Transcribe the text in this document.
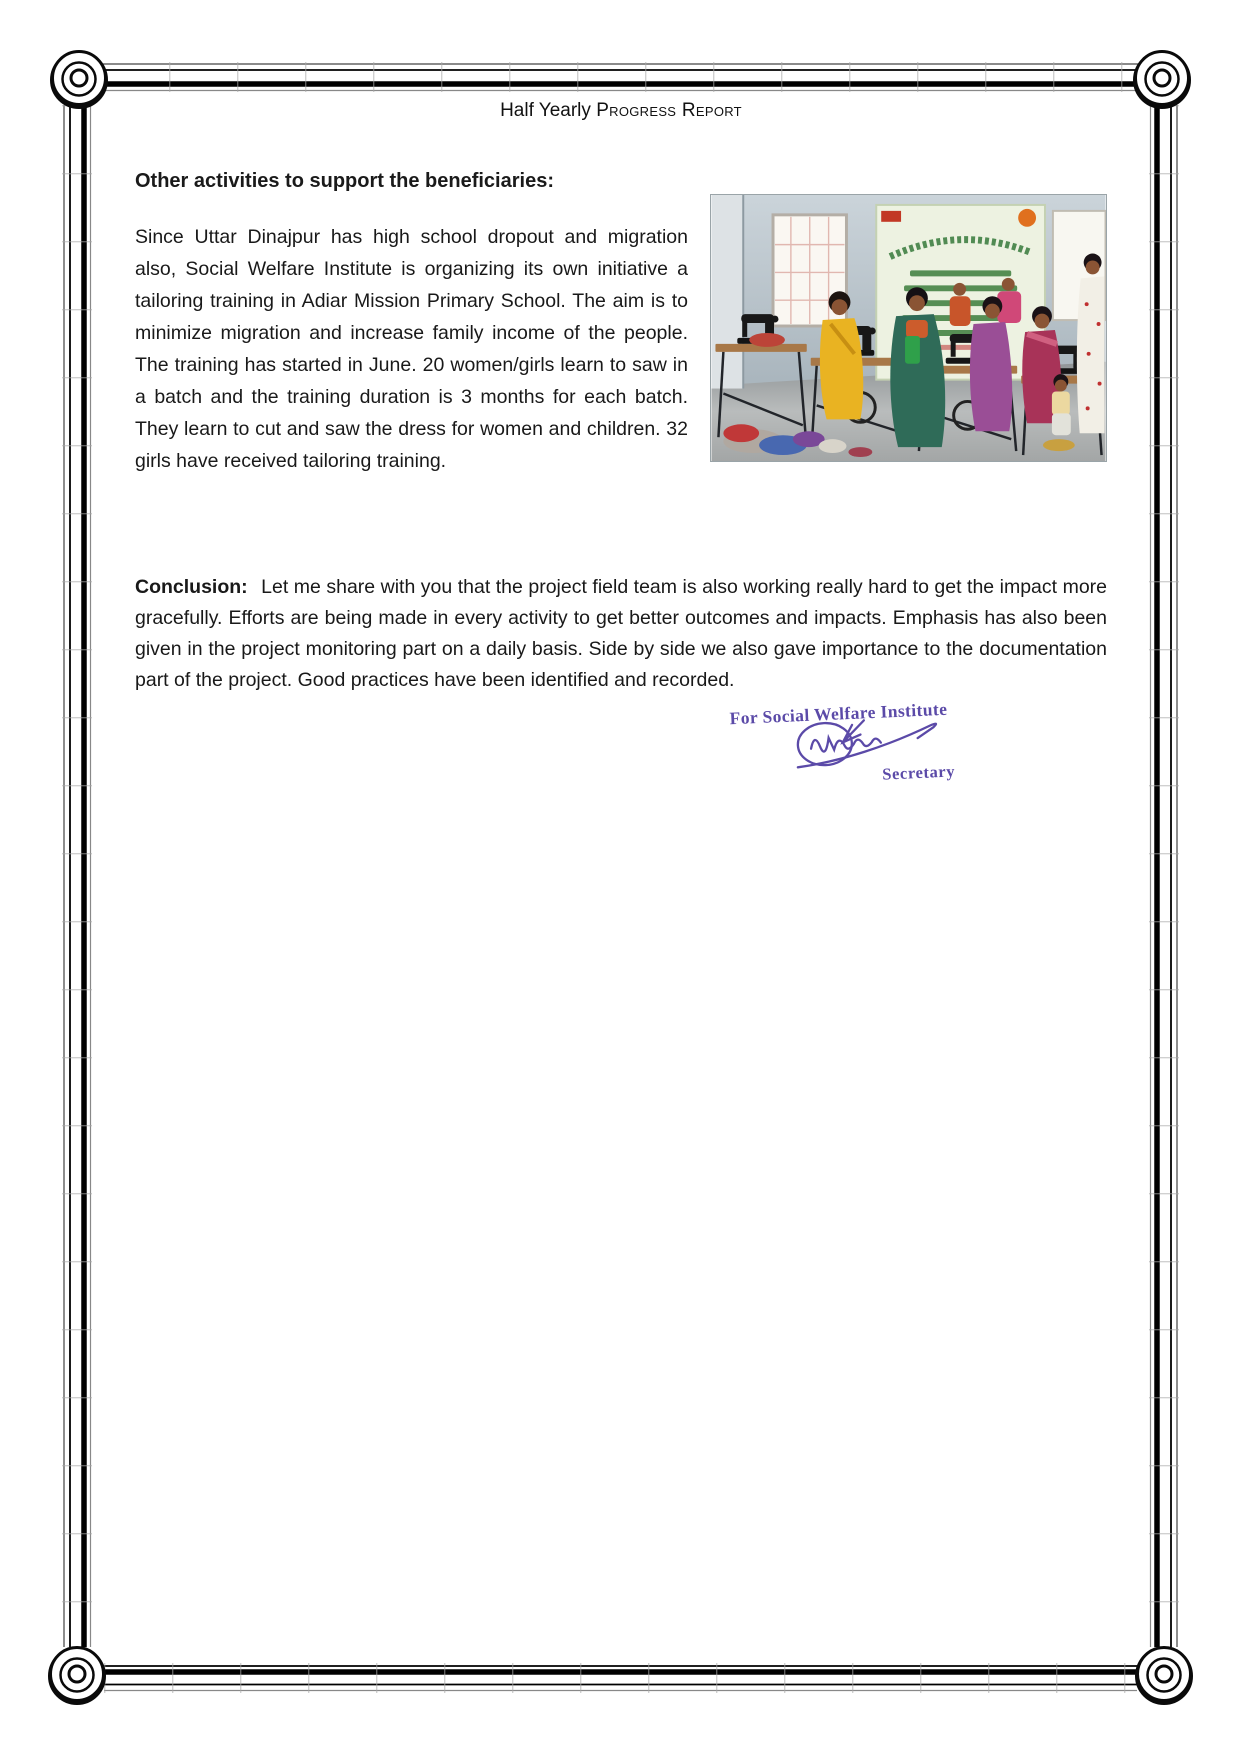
Half Yearly Progress Report
Other activities to support the beneficiaries:

Since Uttar Dinajpur has high school dropout and migration also, Social Welfare Institute is organizing its own initiative a tailoring training in Adiar Mission Primary School. The aim is to minimize migration and increase family income of the people. The training has started in June. 20 women/girls learn to saw in a batch and the training duration is 3 months for each batch. They learn to cut and saw the dress for women and children. 32 girls have received tailoring training.

Conclusion: Let me share with you that the project field team is also working really hard to get the impact more gracefully. Efforts are being made in every activity to get better outcomes and impacts. Emphasis has also been given in the project monitoring part on a daily basis. Side by side we also gave importance to the documentation part of the project. Good practices have been identified and recorded.

For Social Welfare Institute
Secretary
